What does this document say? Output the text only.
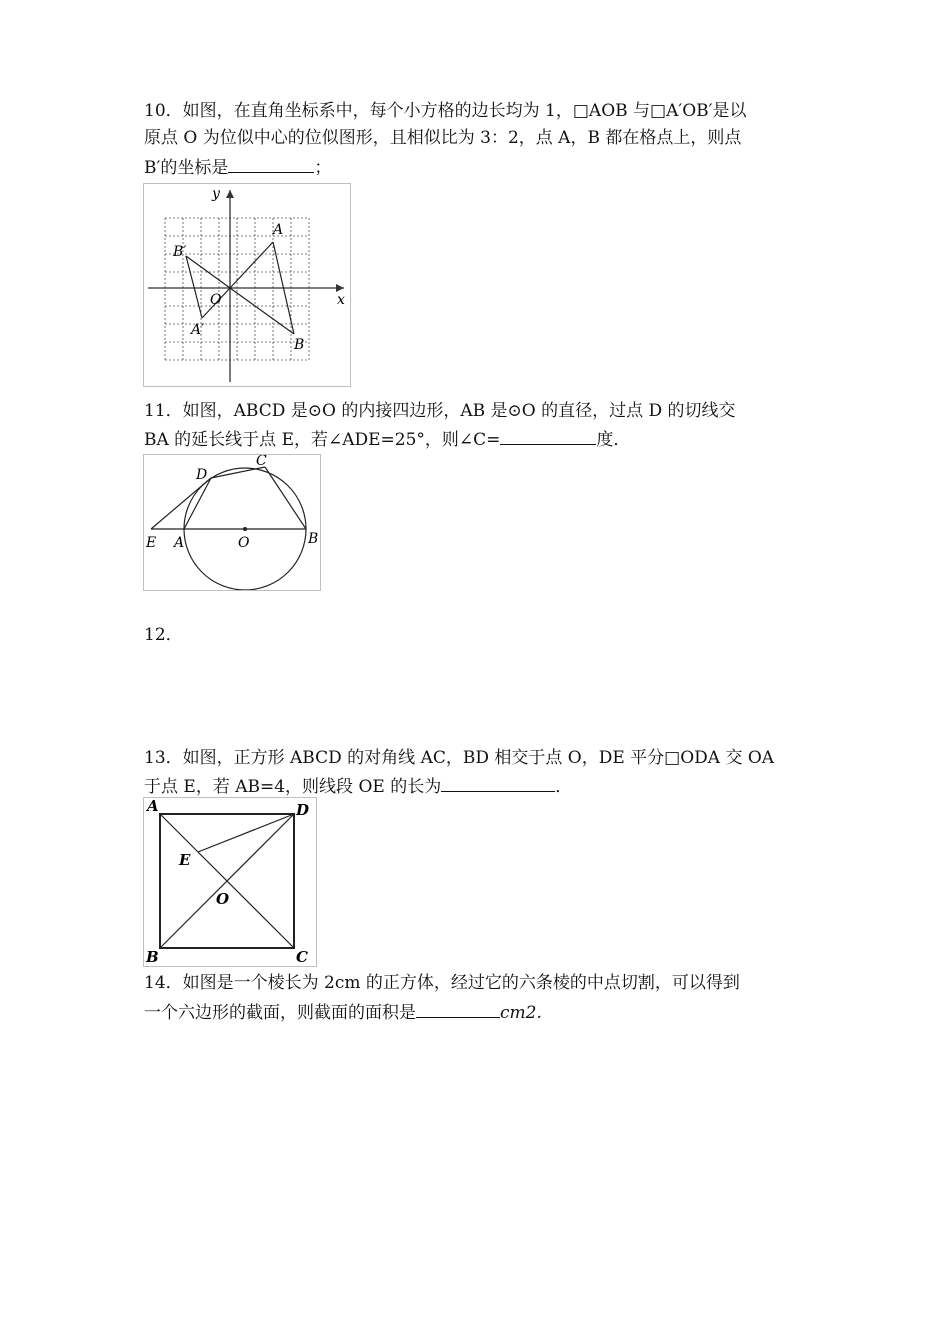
10．如图，在直角坐标系中，每个小方格的边长均为 1，□AOB 与□A′OB′是以
原点 O 为位似中心的位似图形，且相似比为 3：2，点 A，B 都在格点上，则点
B′的坐标是	；
y
x
O
A
B
A′
B′
11．如图，ABCD 是⊙O 的内接四边形，AB 是⊙O 的直径，过点 D 的切线交
BA 的延长线于点 E，若∠ADE=25°，则∠C=	度．
D
C
E A	O	B
12．
13．如图，正方形 ABCD 的对角线 AC，BD 相交于点 O，DE 平分□ODA 交 OA
于点 E，若 AB=4，则线段 OE 的长为	．
A	D
E
O
B	C
14．如图是一个棱长为 2cm 的正方体，经过它的六条棱的中点切割，可以得到
一个六边形的截面，则截面的面积是	cm2.
